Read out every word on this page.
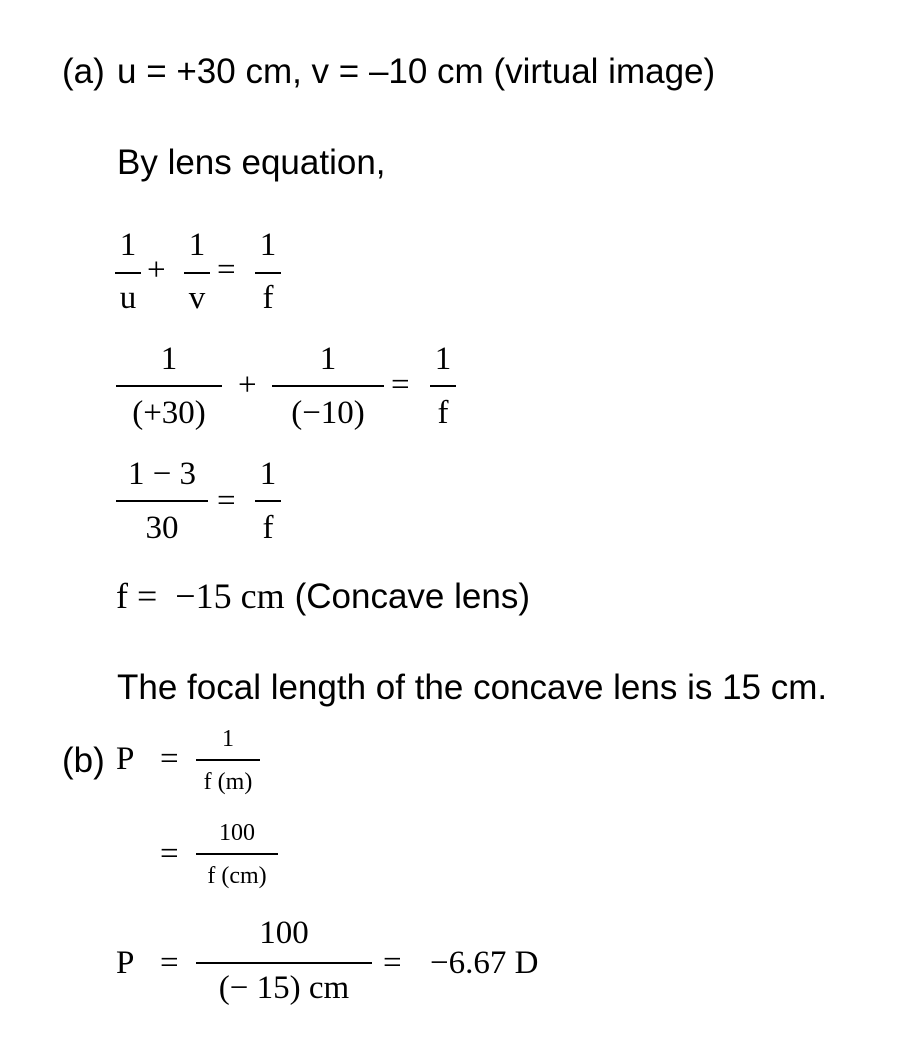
(a) u = +30 cm, v = –10 cm (virtual image)
By lens equation,
1
u
+
1
v
=
1
f
1
(+30)
+
1
(−10)
=
1
f
1 − 3
30
=
1
f
f = −15 cm (Concave lens)
The focal length of the concave lens is 15 cm.
(b) P =
1
f (m)
=
100
f (cm)
P =
100
(− 15) cm
= −6.67 D
